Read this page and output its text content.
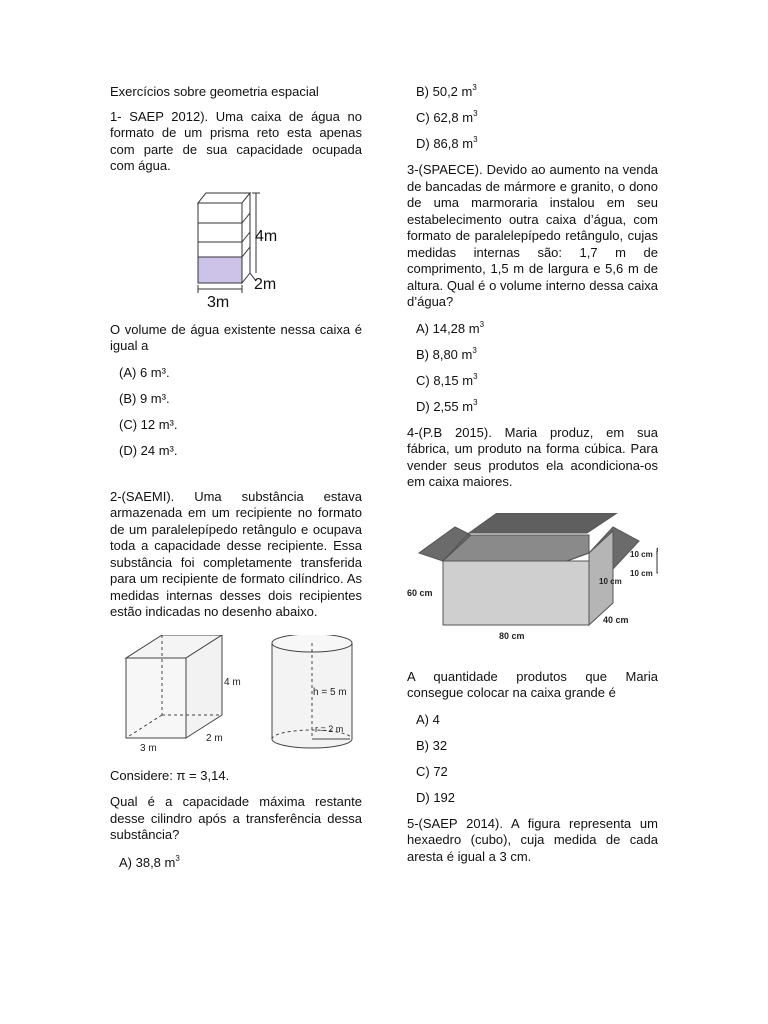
Exercícios sobre geometria espacial

1- SAEP 2012). Uma caixa de água no formato de um prisma reto esta apenas com parte de sua capacidade ocupada com água.

4m
2m
3m

O volume de água existente nessa caixa é igual a

(A) 6 m³.

(B) 9 m³.

(C) 12 m³.

(D) 24 m³.

2-(SAEMI). Uma substância estava armazenada em um recipiente no formato de um paralelepípedo retângulo e ocupava toda a capacidade desse recipiente. Essa substância foi completamente transferida para um recipiente de formato cilíndrico. As medidas internas desses dois recipientes estão indicadas no desenho abaixo.

4 m
2 m
3 m
h = 5 m
r = 2 m

Considere: π = 3,14.

Qual é a capacidade máxima restante desse cilindro após a transferência dessa substância?

A) 38,8 $m^3$

B) 50,2 $m^3$

C) 62,8 $m^3$

D) 86,8 $m^3$

3-(SPAECE). Devido ao aumento na venda de bancadas de mármore e granito, o dono de uma marmoraria instalou em seu estabelecimento outra caixa d’água, com formato de paralelepípedo retângulo, cujas medidas internas são: 1,7 m de comprimento, 1,5 m de largura e 5,6 m de altura. Qual é o volume interno dessa caixa d’água?

A) 14,28 $m^3$

B) 8,80 $m^3$

C) 8,15 $m^3$

D) 2,55 $m^3$

4-(P.B 2015). Maria produz, em sua fábrica, um produto na forma cúbica. Para vender seus produtos ela acondiciona-os em caixa maiores.

60 cm
80 cm
40 cm
10 cm
10 cm
10 cm

A quantidade produtos que Maria consegue colocar na caixa grande é

A) 4

B) 32

C) 72

D) 192

5-(SAEP 2014). A figura representa um hexaedro (cubo), cuja medida de cada aresta é igual a 3 cm.
